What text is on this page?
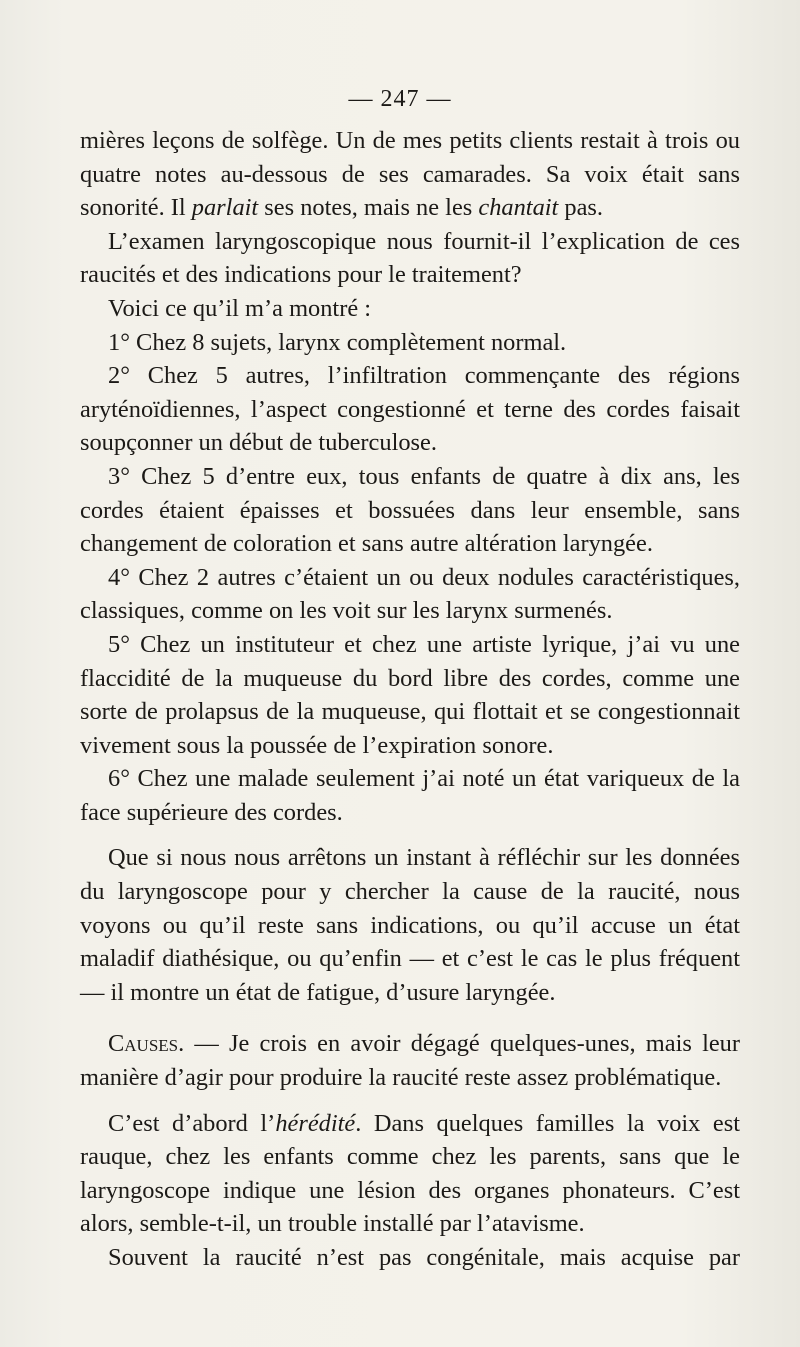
— 247 —

mières leçons de solfège. Un de mes petits clients restait à trois ou quatre notes au-dessous de ses camarades. Sa voix était sans sonorité. Il parlait ses notes, mais ne les chantait pas.

L’examen laryngoscopique nous fournit-il l’explication de ces raucités et des indications pour le traitement?

Voici ce qu’il m’a montré :

1° Chez 8 sujets, larynx complètement normal.

2° Chez 5 autres, l’infiltration commençante des régions aryténoïdiennes, l’aspect congestionné et terne des cordes faisait soupçonner un début de tuberculose.

3° Chez 5 d’entre eux, tous enfants de quatre à dix ans, les cordes étaient épaisses et bossuées dans leur ensemble, sans changement de coloration et sans autre altération laryngée.

4° Chez 2 autres c’étaient un ou deux nodules caractéristiques, classiques, comme on les voit sur les larynx surmenés.

5° Chez un instituteur et chez une artiste lyrique, j’ai vu une flaccidité de la muqueuse du bord libre des cordes, comme une sorte de prolapsus de la muqueuse, qui flottait et se congestionnait vivement sous la poussée de l’expiration sonore.

6° Chez une malade seulement j’ai noté un état variqueux de la face supérieure des cordes.

Que si nous nous arrêtons un instant à réfléchir sur les données du laryngoscope pour y chercher la cause de la raucité, nous voyons ou qu’il reste sans indications, ou qu’il accuse un état maladif diathésique, ou qu’enfin — et c’est le cas le plus fréquent — il montre un état de fatigue, d’usure laryngée.

Causes. — Je crois en avoir dégagé quelques-unes, mais leur manière d’agir pour produire la raucité reste assez problématique.

C’est d’abord l’hérédité. Dans quelques familles la voix est rauque, chez les enfants comme chez les parents, sans que le laryngoscope indique une lésion des organes phonateurs. C’est alors, semble-t-il, un trouble installé par l’atavisme.

Souvent la raucité n’est pas congénitale, mais acquise par
